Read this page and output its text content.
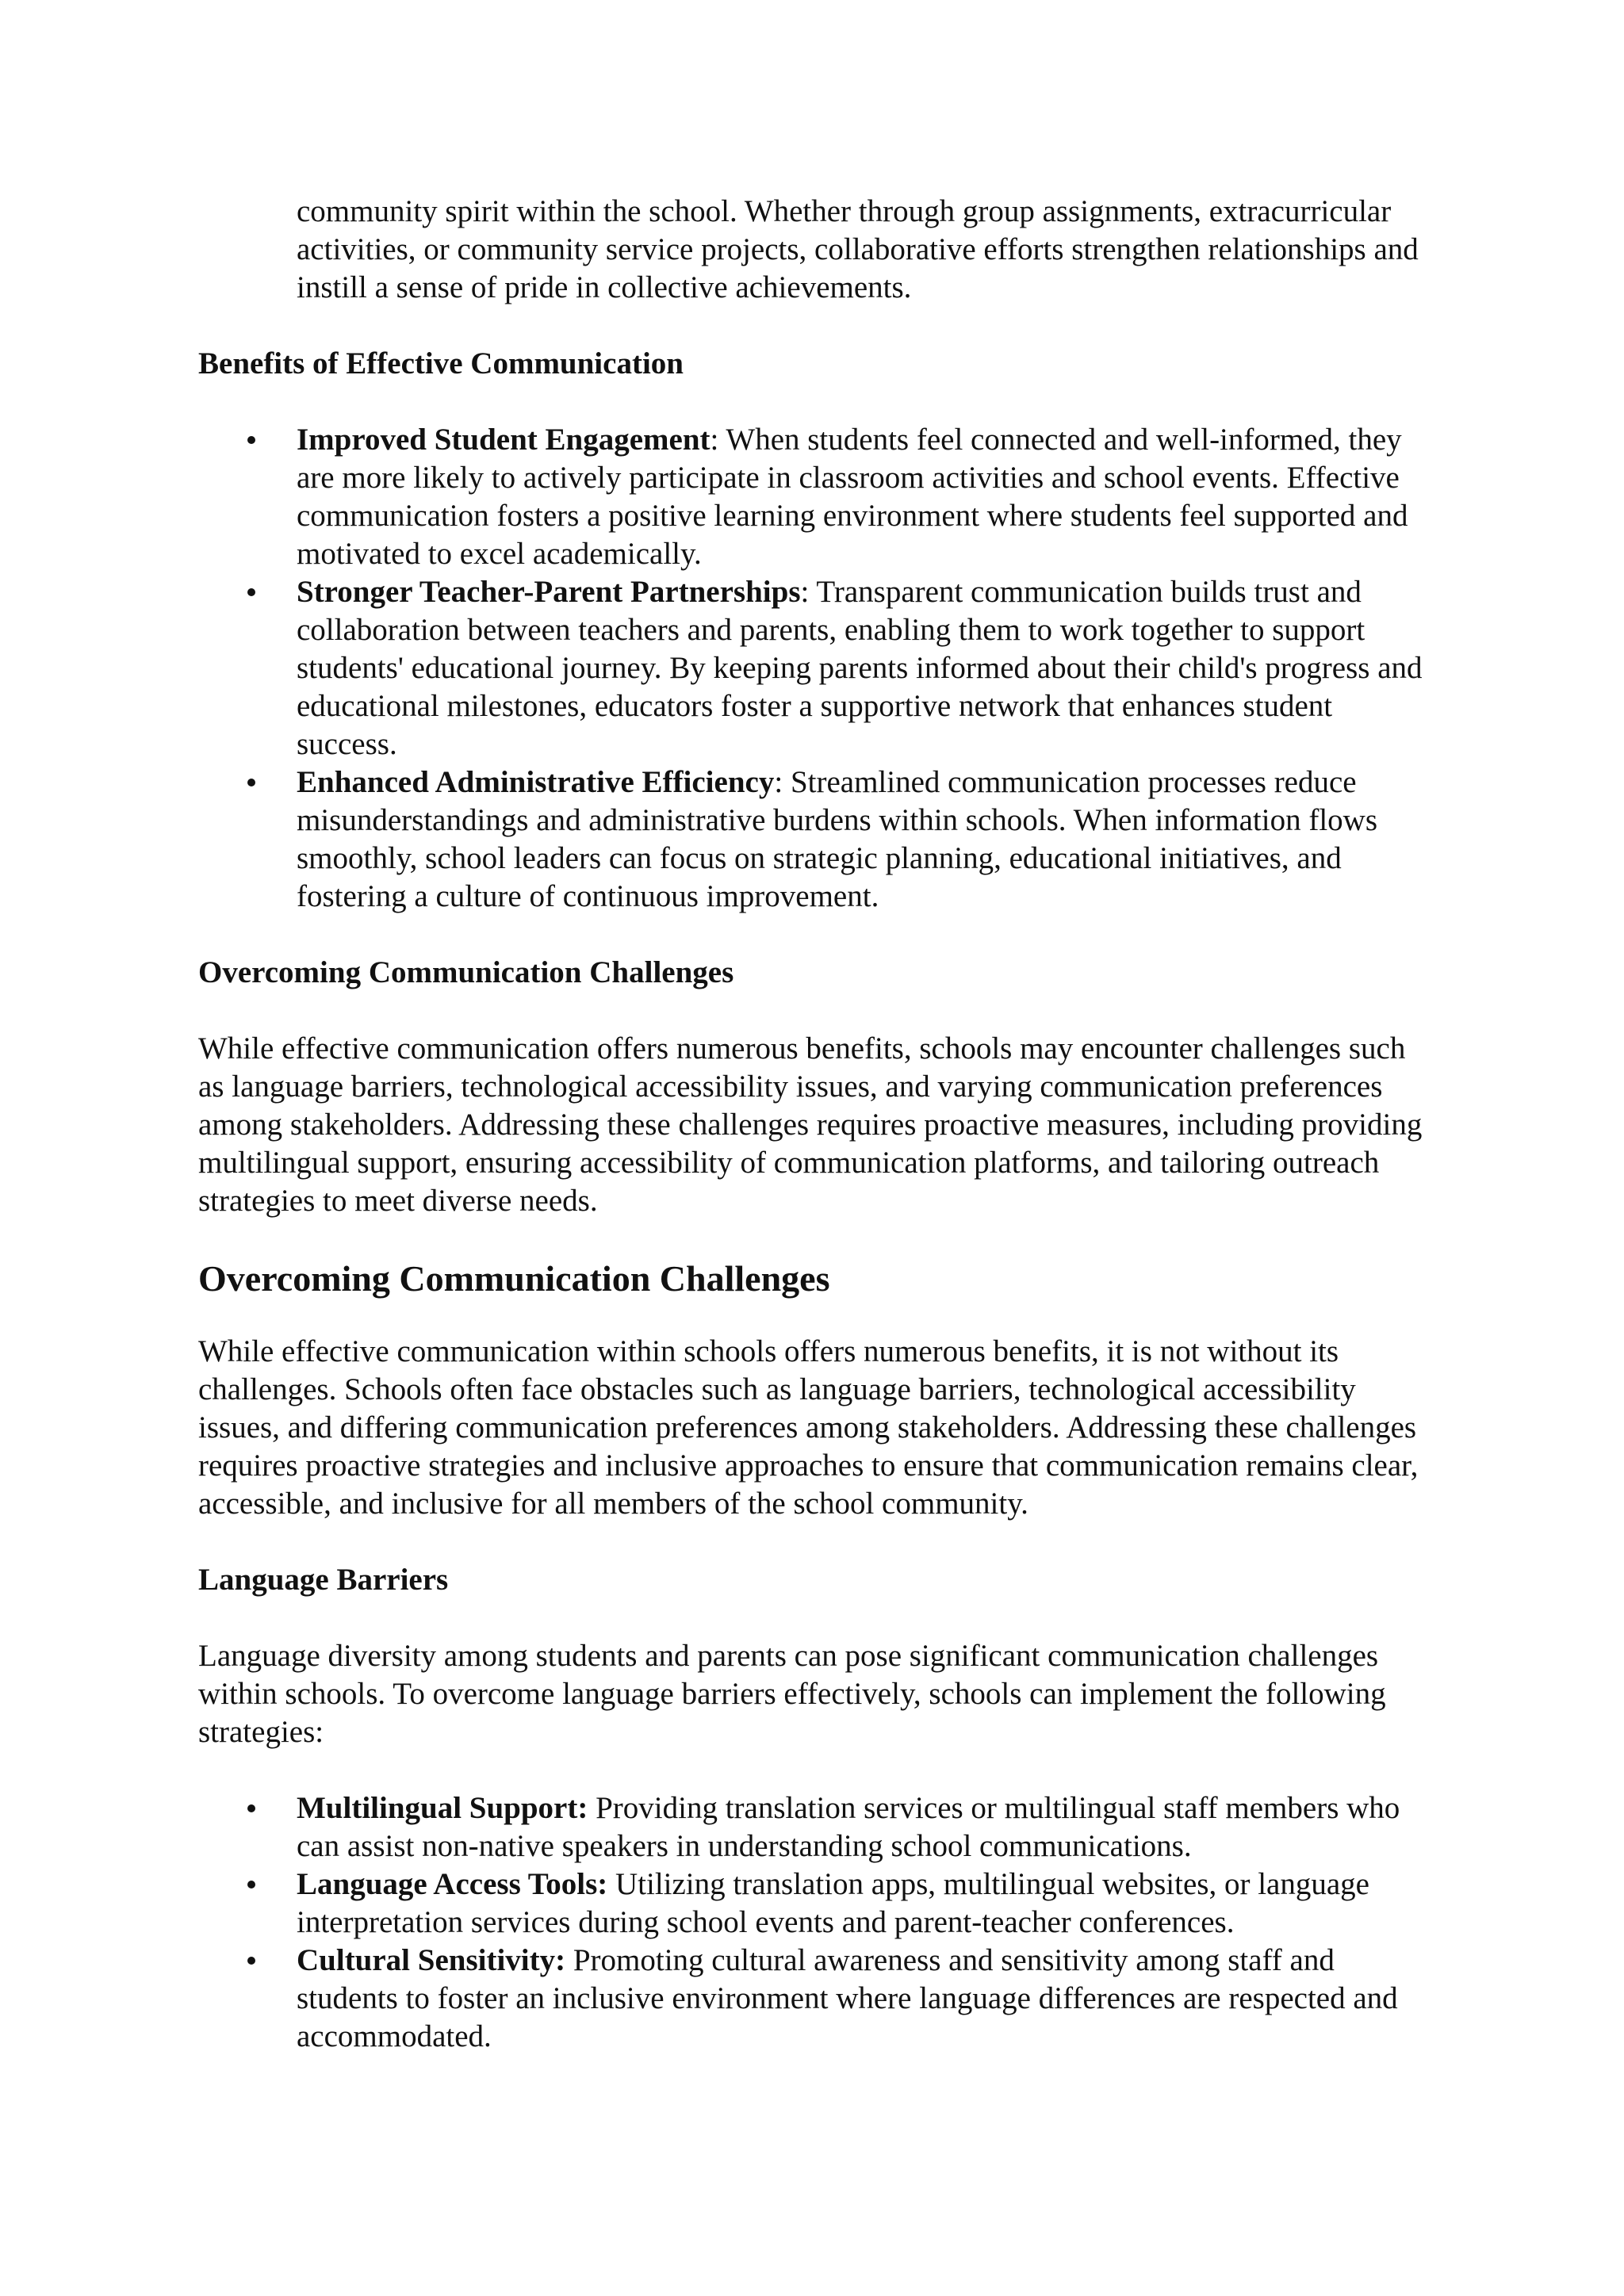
community spirit within the school. Whether through group assignments, extracurricular activities, or community service projects, collaborative efforts strengthen relationships and instill a sense of pride in collective achievements.

Benefits of Effective Communication
Improved Student Engagement: When students feel connected and well-informed, they are more likely to actively participate in classroom activities and school events. Effective communication fosters a positive learning environment where students feel supported and motivated to excel academically.
Stronger Teacher-Parent Partnerships: Transparent communication builds trust and collaboration between teachers and parents, enabling them to work together to support students' educational journey. By keeping parents informed about their child's progress and educational milestones, educators foster a supportive network that enhances student success.
Enhanced Administrative Efficiency: Streamlined communication processes reduce misunderstandings and administrative burdens within schools. When information flows smoothly, school leaders can focus on strategic planning, educational initiatives, and fostering a culture of continuous improvement.
Overcoming Communication Challenges

While effective communication offers numerous benefits, schools may encounter challenges such as language barriers, technological accessibility issues, and varying communication preferences among stakeholders. Addressing these challenges requires proactive measures, including providing multilingual support, ensuring accessibility of communication platforms, and tailoring outreach strategies to meet diverse needs.

Overcoming Communication Challenges

While effective communication within schools offers numerous benefits, it is not without its challenges. Schools often face obstacles such as language barriers, technological accessibility issues, and differing communication preferences among stakeholders. Addressing these challenges requires proactive strategies and inclusive approaches to ensure that communication remains clear, accessible, and inclusive for all members of the school community.

Language Barriers

Language diversity among students and parents can pose significant communication challenges within schools. To overcome language barriers effectively, schools can implement the following strategies:

Multilingual Support: Providing translation services or multilingual staff members who can assist non-native speakers in understanding school communications.
Language Access Tools: Utilizing translation apps, multilingual websites, or language interpretation services during school events and parent-teacher conferences.
Cultural Sensitivity: Promoting cultural awareness and sensitivity among staff and students to foster an inclusive environment where language differences are respected and accommodated.
